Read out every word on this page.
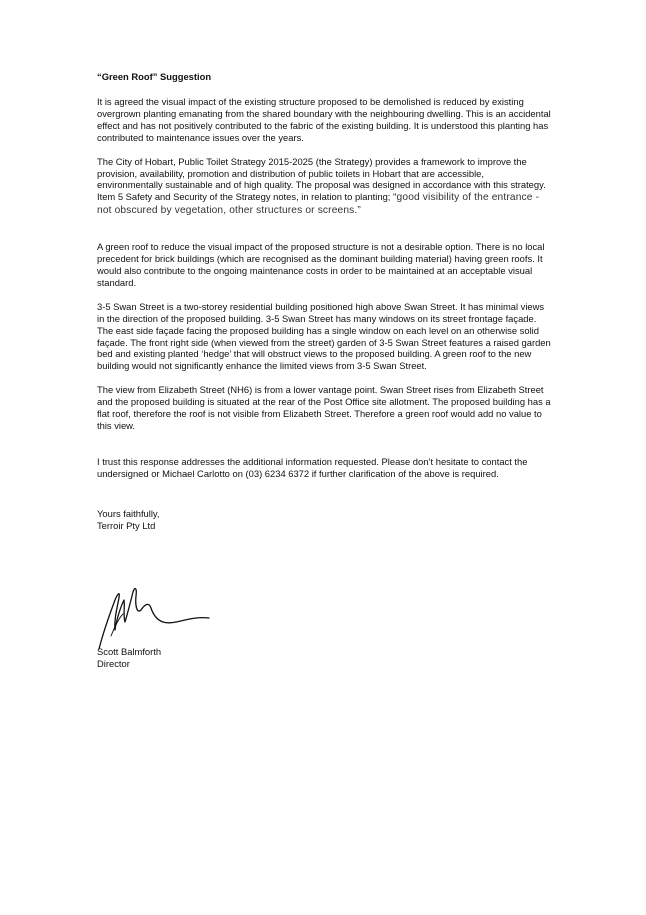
“Green Roof” Suggestion

It is agreed the visual impact of the existing structure proposed to be demolished is reduced by existing overgrown planting emanating from the shared boundary with the neighbouring dwelling. This is an accidental effect and has not positively contributed to the fabric of the existing building. It is understood this planting has contributed to maintenance issues over the years.

The City of Hobart, Public Toilet Strategy 2015-2025 (the Strategy) provides a framework to improve the provision, availability, promotion and distribution of public toilets in Hobart that are accessible, environmentally sustainable and of high quality. The proposal was designed in accordance with this strategy. Item 5 Safety and Security of the Strategy notes, in relation to planting; “good visibility of the entrance - not obscured by vegetation, other structures or screens.”

A green roof to reduce the visual impact of the proposed structure is not a desirable option. There is no local precedent for brick buildings (which are recognised as the dominant building material) having green roofs. It would also contribute to the ongoing maintenance costs in order to be maintained at an acceptable visual standard.

3-5 Swan Street is a two-storey residential building positioned high above Swan Street. It has minimal views in the direction of the proposed building. 3-5 Swan Street has many windows on its street frontage façade. The east side façade facing the proposed building has a single window on each level on an otherwise solid façade. The front right side (when viewed from the street) garden of 3-5 Swan Street features a raised garden bed and existing planted ‘hedge’ that will obstruct views to the proposed building. A green roof to the new building would not significantly enhance the limited views from 3-5 Swan Street.

The view from Elizabeth Street (NH6) is from a lower vantage point. Swan Street rises from Elizabeth Street and the proposed building is situated at the rear of the Post Office site allotment. The proposed building has a flat roof, therefore the roof is not visible from Elizabeth Street. Therefore a green roof would add no value to this view.

I trust this response addresses the additional information requested. Please don’t hesitate to contact the undersigned or Michael Carlotto on (03) 6234 6372 if further clarification of the above is required.

Yours faithfully,

Terroir Pty Ltd

Scott Balmforth
Director
